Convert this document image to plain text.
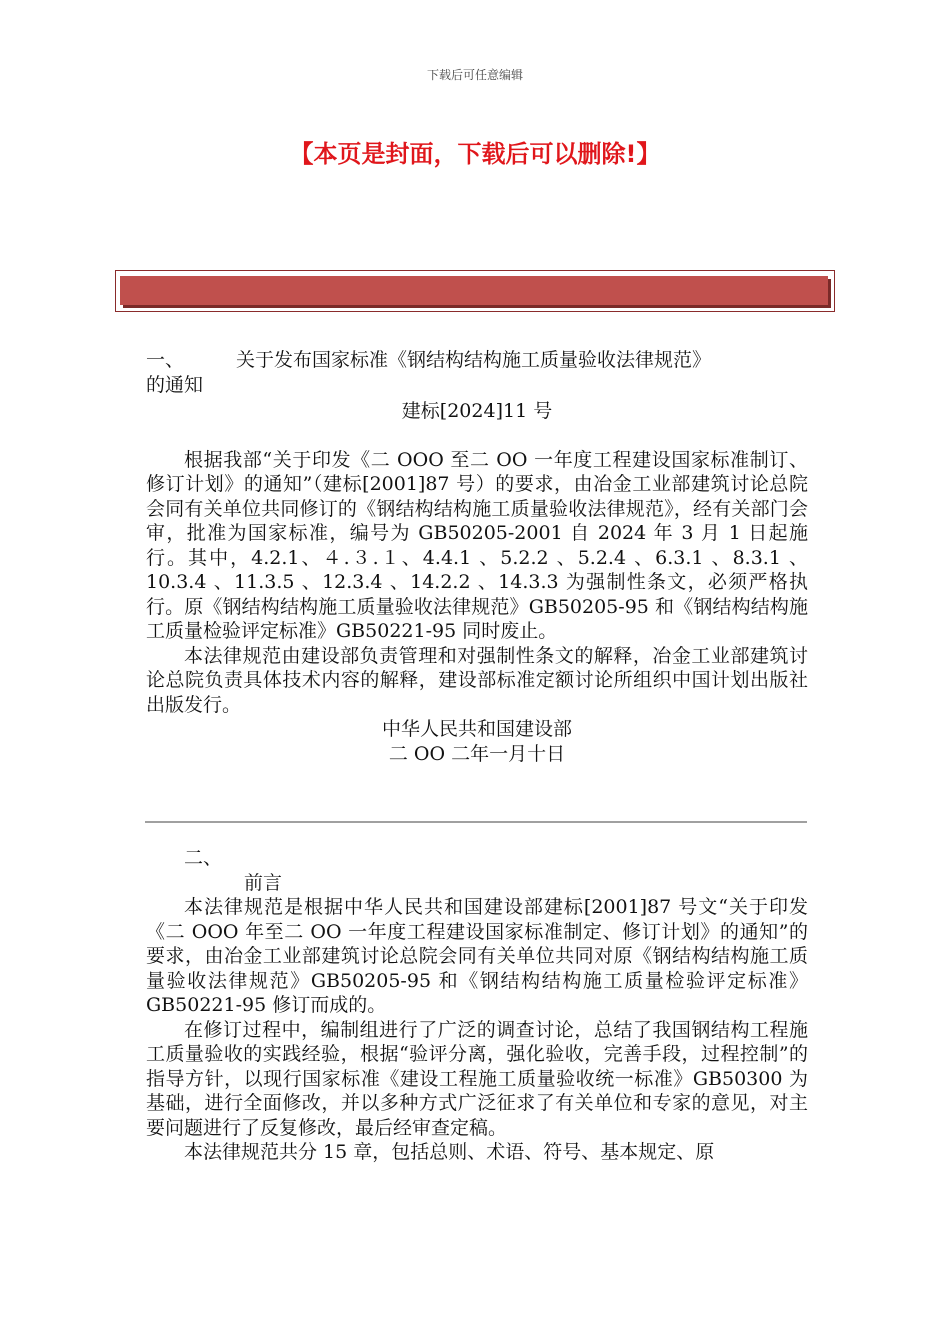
下载后可任意编辑
【本页是封面，下载后可以删除!】

一、	关于发布国家标准《钢结构结构施工质量验收法律规范》

的通知

建标[2024]11 号

根据我部“关于印发《二 OOO 至二 OO 一年度工程建设国家标准制订、修订计划》的通知”（建标[2001]87 号）的要求，由冶金工业部建筑讨论总院会同有关单位共同修订的《钢结构结构施工质量验收法律规范》，经有关部门会审，批准为国家标准，编号为 GB50205-2001 自 2024 年 3 月 1 日起施行。其中，4.2.1、４.３.１、4.4.1 、5.2.2 、5.2.4 、6.3.1 、8.3.1 、10.3.4 、11.3.5 、12.3.4 、14.2.2 、14.3.3 为强制性条文，必须严格执行。原《钢结构结构施工质量验收法律规范》GB50205-95 和《钢结构结构施工质量检验评定标准》GB50221-95 同时废止。

本法律规范由建设部负责管理和对强制性条文的解释，冶金工业部建筑讨论总院负责具体技术内容的解释，建设部标准定额讨论所组织中国计划出版社出版发行。

中华人民共和国建设部

二 OO 二年一月十日

二、

前言

本法律规范是根据中华人民共和国建设部建标[2001]87 号文“关于印发《二 OOO 年至二 OO 一年度工程建设国家标准制定、修订计划》的通知”的要求，由冶金工业部建筑讨论总院会同有关单位共同对原《钢结构结构施工质量验收法律规范》GB50205-95 和《钢结构结构施工质量检验评定标准》GB50221-95 修订而成的。

在修订过程中，编制组进行了广泛的调查讨论，总结了我国钢结构工程施工质量验收的实践经验，根据“验评分离，强化验收，完善手段，过程控制”的指导方针，以现行国家标准《建设工程施工质量验收统一标准》GB50300 为基础，进行全面修改，并以多种方式广泛征求了有关单位和专家的意见，对主要问题进行了反复修改，最后经审查定稿。

本法律规范共分 15 章，包括总则、术语、符号、基本规定、原
